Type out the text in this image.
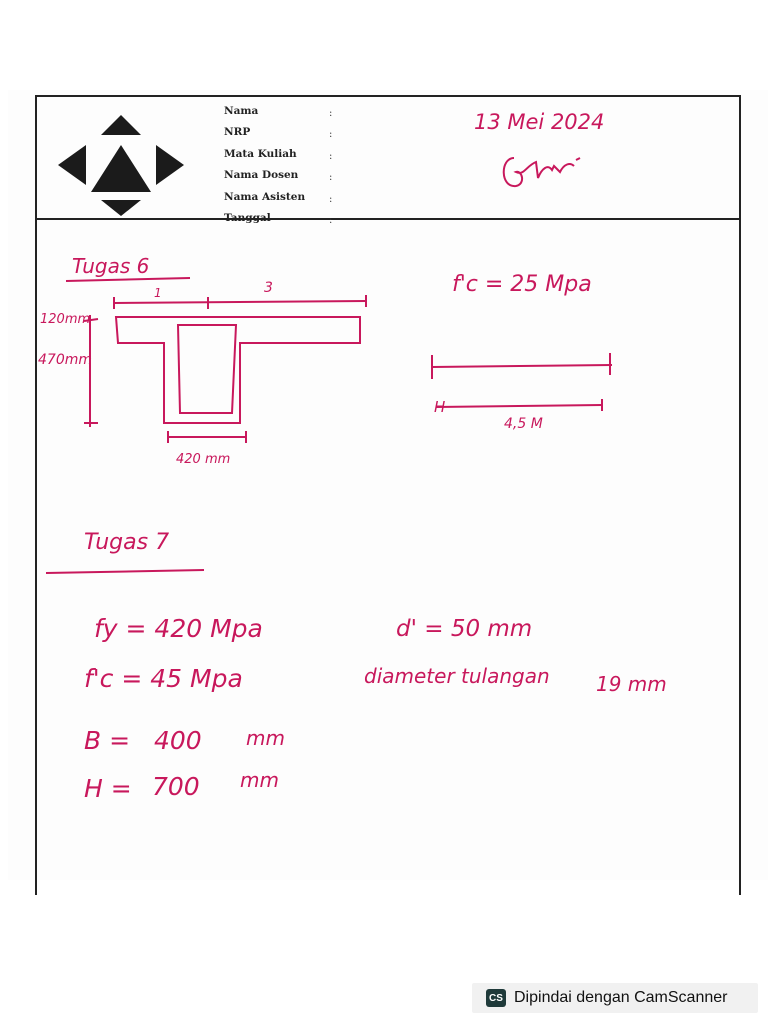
Nama
NRP
Mata Kuliah
Nama Dosen
Nama Asisten
Tanggal
:
:
:
:
:
:
13 Mei 2024
Tugas 6
1	3
120mm
470mm
420 mm
f'c = 25 Mpa
H
4,5 M
Tugas 7
fy = 420 Mpa
f'c = 45 Mpa
d' = 50 mm
diameter tulangan 19 mm
B = 400 mm
H = 700 mm
CS Dipindai dengan CamScanner
